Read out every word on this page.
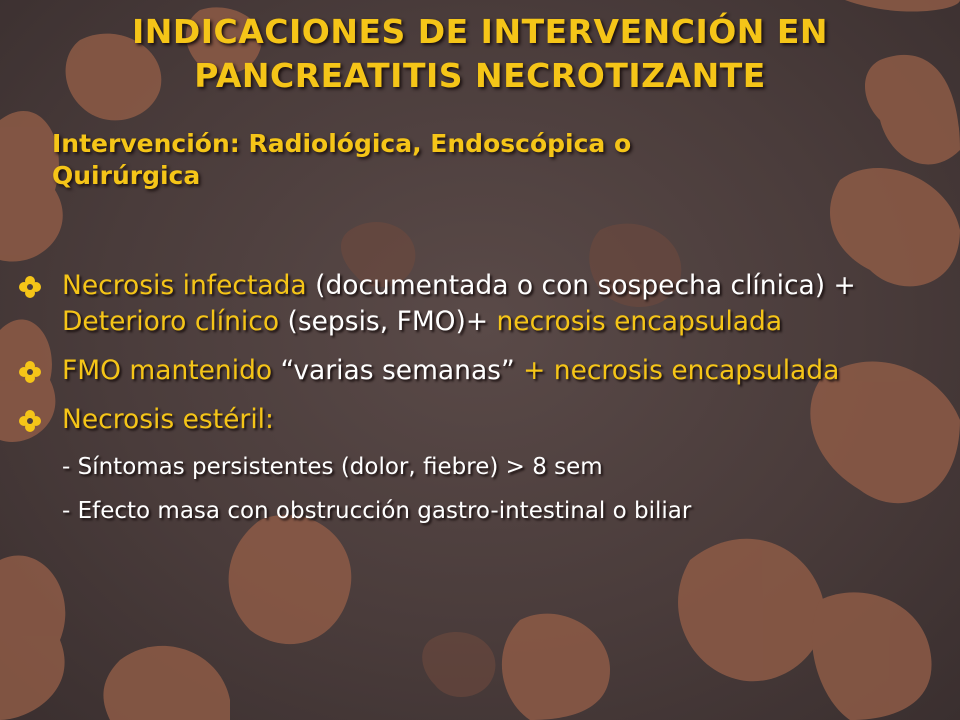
INDICACIONES DE INTERVENCIÓN EN
PANCREATITIS NECROTIZANTE
Intervención: Radiológica, Endoscópica o
Quirúrgica
Necrosis infectada (documentada o con sospecha clínica) + Deterioro clínico (sepsis, FMO)+ necrosis encapsulada
FMO mantenido “varias semanas” + necrosis encapsulada
Necrosis estéril:
- Síntomas persistentes (dolor, fiebre) > 8 sem
- Efecto masa con obstrucción gastro-intestinal o biliar
